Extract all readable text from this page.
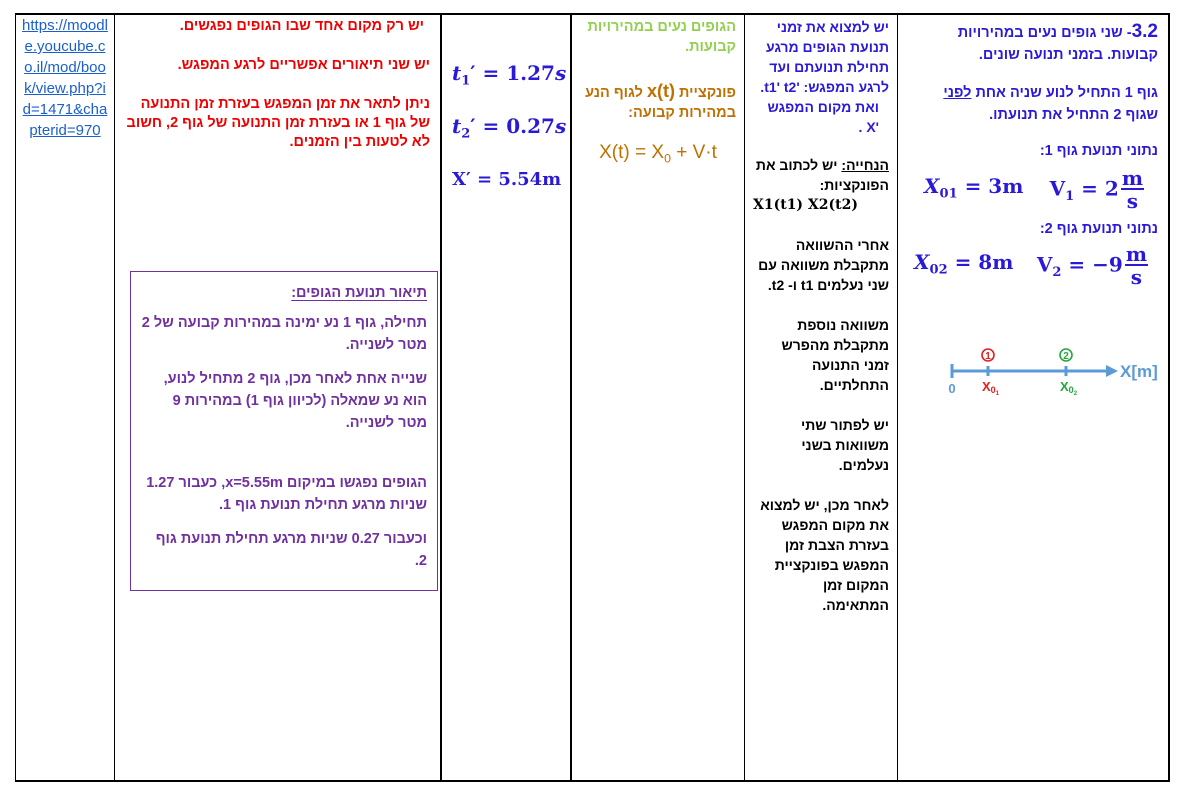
https://moodle.youcube.co.il/mod/book/view.php?id=1471&chapterid=970

יש רק מקום אחד שבו הגופים נפגשים.

יש שני תיאורים אפשריים לרגע המפגש.

ניתן לתאר את זמן המפגש בעזרת זמן התנועה של גוף 1 או בעזרת זמן התנועה של גוף 2, חשוב לא לטעות בין הזמנים.

תיאור תנועת הגופים:

תחילה, גוף 1 נע ימינה במהירות קבועה של 2 מטר לשנייה.

שנייה אחת לאחר מכן, גוף 2 מתחיל לנוע, הוא נע שמאלה (לכיוון גוף 1) במהירות 9 מטר לשנייה.

הגופים נפגשו במיקום x=5.55m, כעבור 1.27 שניות מרגע תחילת תנועת גוף 1.

וכעבור 0.27 שניות מרגע תחילת תנועת גוף 2.

$t_1' = 1.27s$
$t_2' = 0.27s$
X′ = 5.54m

הגופים נעים במהירויות קבועות.

פונקציית x(t) לגוף הנע במהירות קבועה:

$X(t) = X_0 + V\cdot t$

יש למצוא את זמני תנועת הגופים מרגע תחילת תנועתם ועד לרגע המפגש: 't1' t2.

ואת מקום המפגש 'X .

הנחייה: יש לכתוב את הפונקציות:

X1(t1) X2(t2)

אחרי ההשוואה מתקבלת משוואה עם שני נעלמים t1 ו- t2.

משוואה נוספת מתקבלת מהפרש זמני התנועה התחלתיים.

יש לפתור שתי משוואות בשני נעלמים.

לאחר מכן, יש למצוא את מקום המפגש בעזרת הצבת זמן המפגש בפונקציית המקום זמן המתאימה.

3.2- שני גופים נעים במהירויות קבועות. בזמני תנועה שונים.

גוף 1 התחיל לנוע שניה אחת לפני שגוף 2 התחיל את תנועתו.

נתוני תנועת גוף 1:

$X_{01} = 3m$ $V_1 = 2 \frac{m}{s}$

נתוני תנועת גוף 2:

$X_{02} = 8m$ $V_2 = -9 \frac{m}{s}$
1	2
0 X01	X02
X[m]
